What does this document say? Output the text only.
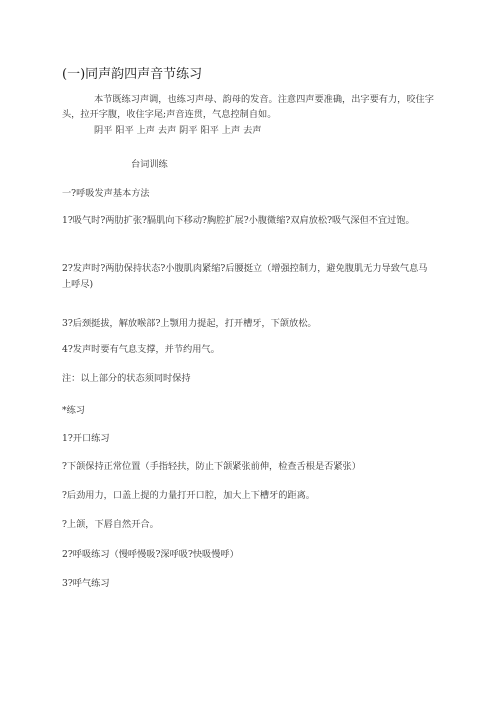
(一)同声韵四声音节练习
本节既练习声调，也练习声母、韵母的发音。注意四声要准确，出字要有力，咬住字头，拉开字腹，收住字尾;声音连贯，气息控制自如。
阴平 阳平 上声 去声 阴平 阳平 上声 去声
台词训练
一?呼吸发声基本方法
1?吸气时?两肋扩张?膈肌向下移动?胸腔扩展?小腹微缩?双肩放松?吸气深但不宜过饱。
2?发声时?两肋保持状态?小腹肌肉紧缩?后腰挺立（增强控制力，避免腹肌无力导致气息马上呼尽)
3?后颈挺拔，解放喉部?上颚用力提起，打开槽牙，下颌放松。
4?发声时要有气息支撑，并节约用气。
注：以上部分的状态须同时保持
*练习
1?开口练习
?下颌保持正常位置（手指轻扶，防止下颌紧张前伸，检查舌根是否紧张）
?后劲用力，口盖上提的力量打开口腔，加大上下槽牙的距离。
?上颌，下唇自然开合。
2?呼吸练习（慢呼慢吸?深呼吸?快吸慢呼）
3?呼气练习
